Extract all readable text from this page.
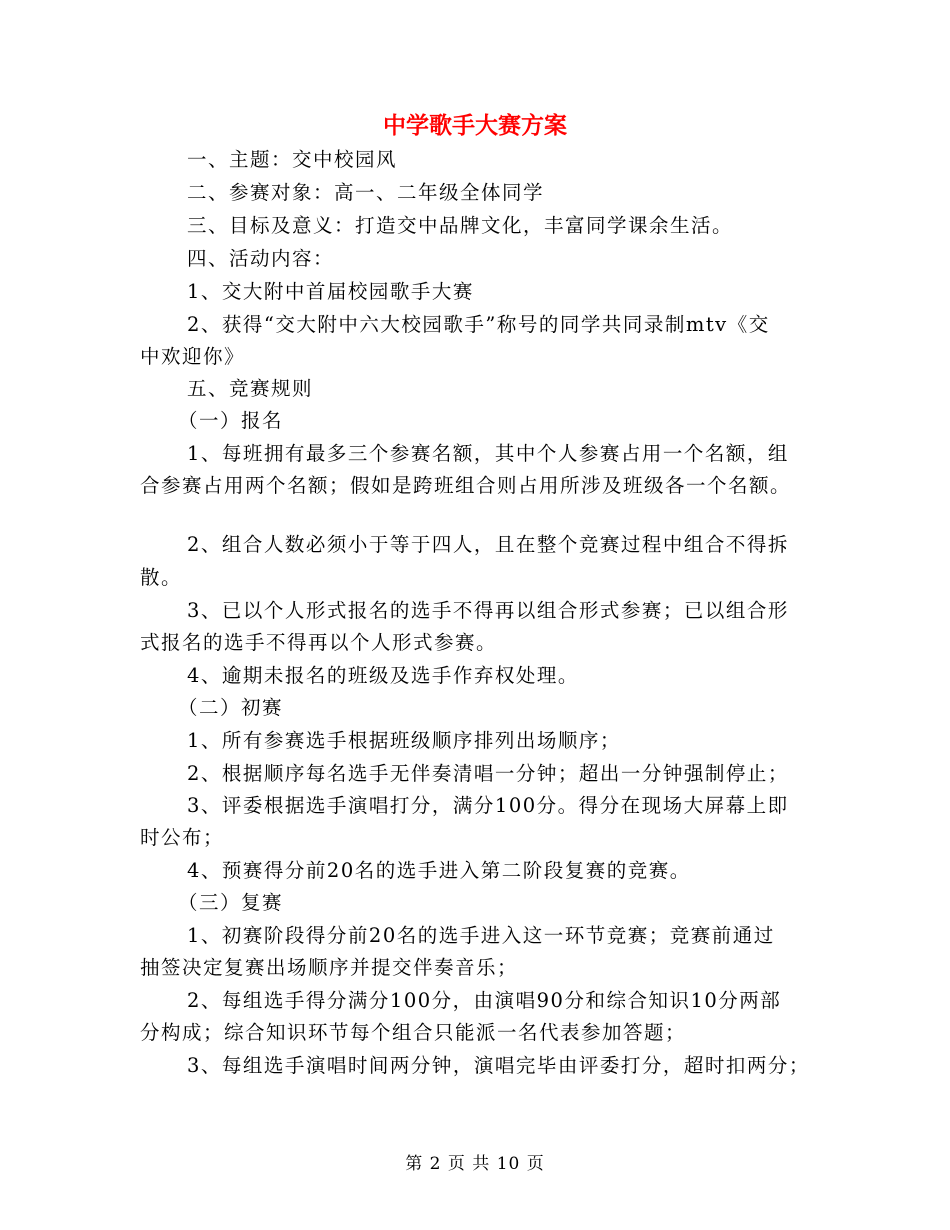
中学歌手大赛方案

一、主题：交中校园风

二、参赛对象：高一、二年级全体同学

三、目标及意义：打造交中品牌文化，丰富同学课余生活。

四、活动内容：

1、交大附中首届校园歌手大赛

2、获得“交大附中六大校园歌手”称号的同学共同录制mtv《交

中欢迎你》

五、竞赛规则

（一）报名

1、每班拥有最多三个参赛名额，其中个人参赛占用一个名额，组

合参赛占用两个名额；假如是跨班组合则占用所涉及班级各一个名额。

2、组合人数必须小于等于四人，且在整个竞赛过程中组合不得拆

散。

3、已以个人形式报名的选手不得再以组合形式参赛；已以组合形

式报名的选手不得再以个人形式参赛。

4、逾期未报名的班级及选手作弃权处理。

（二）初赛

1、所有参赛选手根据班级顺序排列出场顺序；

2、根据顺序每名选手无伴奏清唱一分钟；超出一分钟强制停止；

3、评委根据选手演唱打分，满分100分。得分在现场大屏幕上即

时公布；

4、预赛得分前20名的选手进入第二阶段复赛的竞赛。

（三）复赛

1、初赛阶段得分前20名的选手进入这一环节竞赛；竞赛前通过

抽签决定复赛出场顺序并提交伴奏音乐；

2、每组选手得分满分100分，由演唱90分和综合知识10分两部

分构成；综合知识环节每个组合只能派一名代表参加答题；

3、每组选手演唱时间两分钟，演唱完毕由评委打分，超时扣两分；

第 2 页 共 10 页
